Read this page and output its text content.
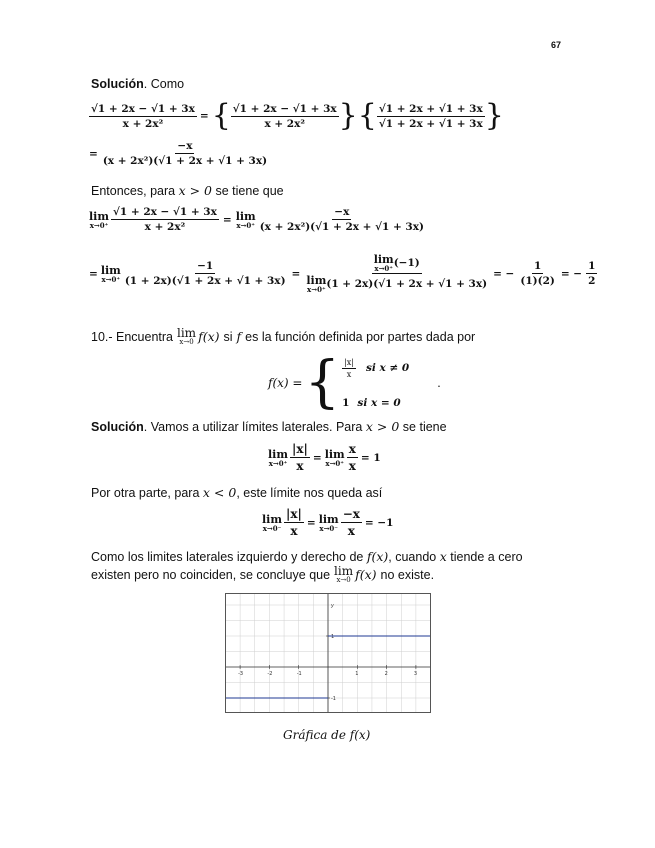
67
Solución. Como
$\frac{√1 + 2x - √1 + 3x}{\text{x + 2x²}}$ = { $\frac{√1 + 2x - √1 + 3x}{\text{x + 2x²}}$ }{ $\frac{√1 + 2x + √1 + 3x}{√1 + 2x + √1 + 3x}$ }
= $\frac{-x}{\text{(x + 2x²)(√1 + 2x + √1 + 3x)}}$
Entonces, para x > 0 se tiene que
lim
$x\to 0^+ \frac{√1 + 2x - √1 + 3x}{\text{x + 2x²}} = \lim$
$x\to 0^+ \frac{-x}{\text{(x + 2x²)(√1 + 2x + √1 + 3x)}}$
= lim
$x\to 0^+ \frac{-1}{(1 + 2x)(√1 + 2x + √1 + 3x)} = \lim$
x→0⁺ (−1)
lim
x→0⁺ (1 + 2x)(√1 + 2x + √1 + 3x) = − $\frac{1}{(1)(2)}$ = − $\frac{1}{2}$
10.- Encuentra lim
x→0 f(x) si f es la función definida por partes dada por
f(x) = { $\frac{|x|}{x}$ si x ≠ 0
1 si x = 0
.
Solución. Vamos a utilizar límites laterales. Para x > 0 se tiene
lim
$x\to 0^+ \frac{|x|}{x} = \lim$
$x\to 0^+ \frac{x}{x} = 1$
Por otra parte, para x < 0, este límite nos queda así
lim
$x\to 0^- \frac{|x|}{x} = \lim$
$x\to 0^- \frac{-x}{x} = -1$
Como los limites laterales izquierdo y derecho de f(x), cuando x tiende a cero
existen pero no coinciden, se concluye que lim
x→0 f(x) no existe.
-3	-2	-1	1	2	3
1
-1
y
Gráfica de f(x)
